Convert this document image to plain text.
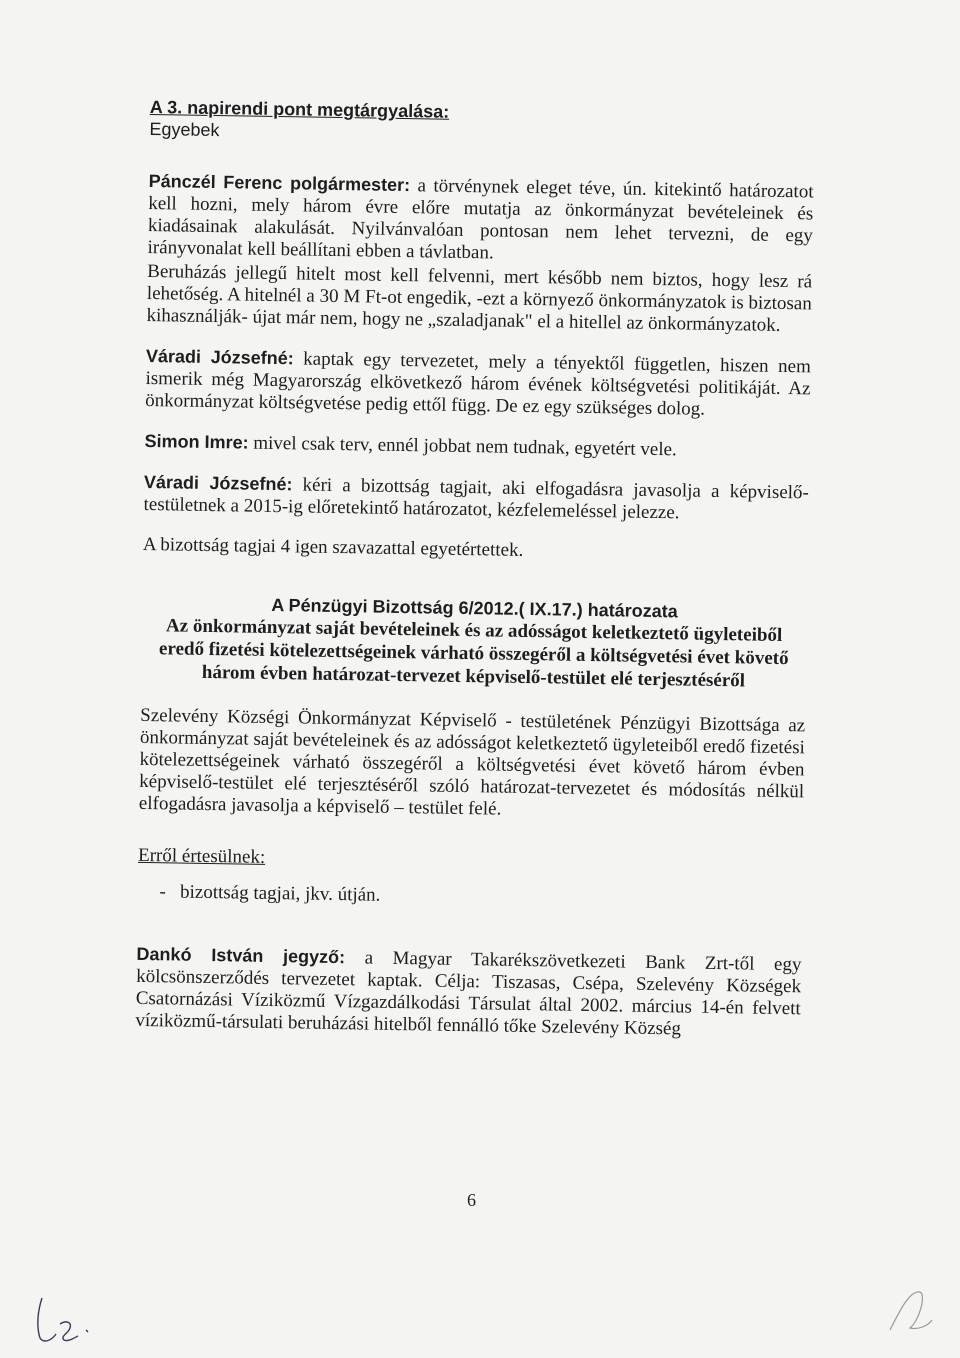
A 3. napirendi pont megtárgyalása:
Egyebek

Pánczél Ferenc polgármester: a törvénynek eleget téve, ún. kitekintő határozatot kell hozni, mely három évre előre mutatja az önkormányzat bevételeinek és kiadásainak alakulását. Nyilvánvalóan pontosan nem lehet tervezni, de egy irányvonalat kell beállítani ebben a távlatban.

Beruházás jellegű hitelt most kell felvenni, mert később nem biztos, hogy lesz rá lehetőség. A hitelnél a 30 M Ft-ot engedik, -ezt a környező önkormányzatok is biztosan kihasználják- újat már nem, hogy ne „szaladjanak" el a hitellel az önkormányzatok.

Váradi Józsefné: kaptak egy tervezetet, mely a tényektől független, hiszen nem ismerik még Magyarország elkövetkező három évének költségvetési politikáját. Az önkormányzat költségvetése pedig ettől függ. De ez egy szükséges dolog.

Simon Imre: mivel csak terv, ennél jobbat nem tudnak, egyetért vele.

Váradi Józsefné: kéri a bizottság tagjait, aki elfogadásra javasolja a képviselő-testületnek a 2015-ig előretekintő határozatot, kézfelemeléssel jelezze.

A bizottság tagjai 4 igen szavazattal egyetértettek.

A Pénzügyi Bizottság 6/2012.( IX.17.) határozata
Az önkormányzat saját bevételeinek és az adósságot keletkeztető ügyleteiből eredő fizetési kötelezettségeinek várható összegéről a költségvetési évet követő három évben határozat-tervezet képviselő-testület elé terjesztéséről

Szelevény Községi Önkormányzat Képviselő - testületének Pénzügyi Bizottsága az önkormányzat saját bevételeinek és az adósságot keletkeztető ügyleteiből eredő fizetési kötelezettségeinek várható összegéről a költségvetési évet követő három évben képviselő-testület elé terjesztéséről szóló határozat-tervezetet és módosítás nélkül elfogadásra javasolja a képviselő – testület felé.

Erről értesülnek:
- bizottság tagjai, jkv. útján.

Dankó István jegyző: a Magyar Takarékszövetkezeti Bank Zrt-től egy kölcsönszerződés tervezetet kaptak. Célja: Tiszasas, Csépa, Szelevény Községek Csatornázási Víziközmű Vízgazdálkodási Társulat által 2002. március 14-én felvett víziközmű-társulati beruházási hitelből fennálló tőke Szelevény Község

6
